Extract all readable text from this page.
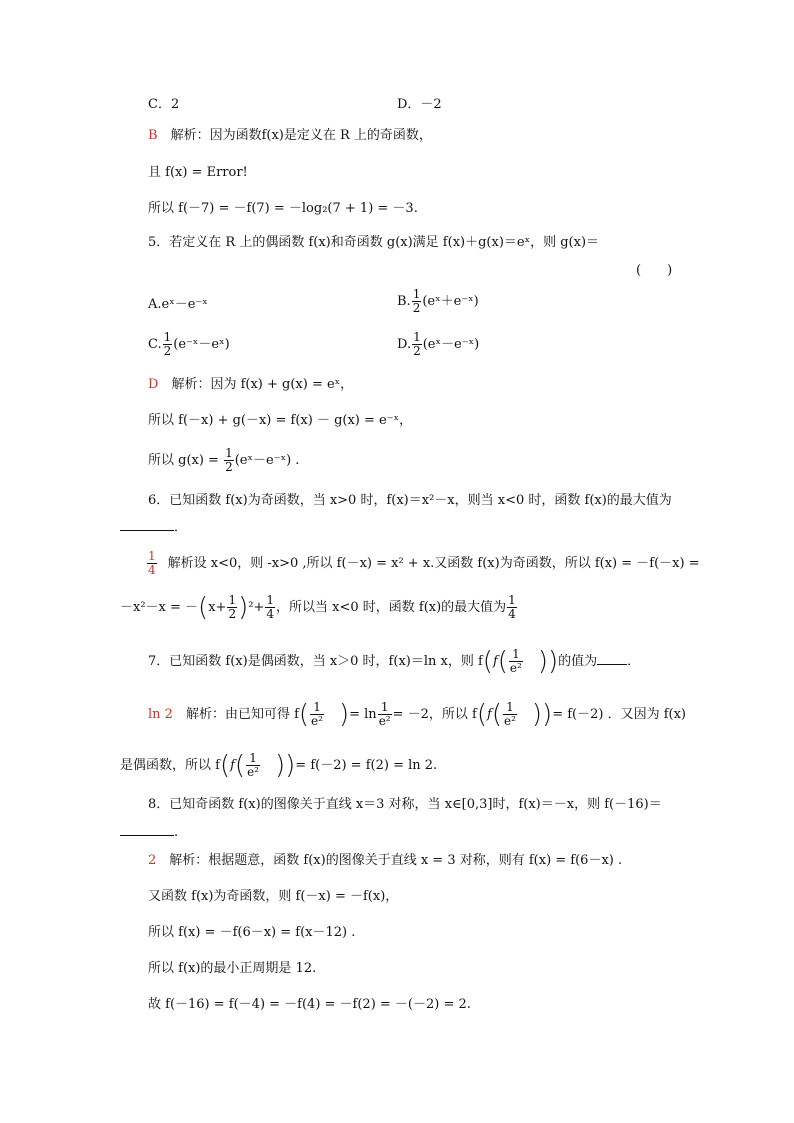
C．2	D．－2
B　解析：因为函数f(x)是定义在 R 上的奇函数，
且 f(x) = Error!
所以 f(－7) = －f(7) = －log₂(7 + 1) = －3.
5．若定义在 R 上的偶函数 f(x)和奇函数 g(x)满足 f(x)＋g(x)＝eˣ，则 g(x)＝
(　　)
A.eˣ－e⁻ˣ	B. $\frac{1}{2}$ (eˣ＋e⁻ˣ)
C. $\frac{1}{2}$ (e⁻ˣ－eˣ)	D. $\frac{1}{2}$ (eˣ－e⁻ˣ)
D　解析：因为 f(x) + g(x) = eˣ，
所以 f(－x) + g(－x) = f(x) － g(x) = e⁻ˣ，
所以 $g(x) = \frac{1}{2}$ (eˣ－e⁻ˣ) .
6．已知函数 f(x)为奇函数，当 x>0 时，f(x)＝x²－x，则当 x<0 时，函数 f(x)的最大值为
．
$\frac{1}{4}$ 解析设 x<0，则 -x>0 ,所以 f(－x) = x² + x.又函数 f(x)为奇函数，所以 f(x) = －f(－x) =
$-x^2-x = -(x+ \frac{1}{2} )^2+ \frac{1}{4}$ ，所以当 x<0 时，函数 f(x)的最大值为 $\frac{1}{4}$
7．已知函数 f(x)是偶函数，当 x＞0 时，f(x)＝ln x，则 $f(f( \frac{1}{\text{e²}}$ ))的值为 ．
ln 2　解析：由已知可得 $f( \frac{1}{\text{e²}}$ )= $\ln \frac{1}{\text{e²}} = -2$，所以 $f(f( \frac{1}{\text{e²}}$ ))= f(－2) ．又因为 f(x)
是偶函数，所以 $f(f( \frac{1}{\text{e²}}$ ))= f(－2) = f(2) = ln 2.
8．已知奇函数 f(x)的图像关于直线 x＝3 对称，当 x∈[0,3]时，f(x)＝－x，则 f(－16)＝
.
2　解析：根据题意，函数 f(x)的图像关于直线 x = 3 对称，则有 f(x) = f(6－x) .
又函数 f(x)为奇函数，则 f(－x) = －f(x)，
所以 f(x) = －f(6－x) = f(x－12) .
所以 f(x)的最小正周期是 12.
故 f(－16) = f(－4) = －f(4) = －f(2) = －(－2) = 2.
